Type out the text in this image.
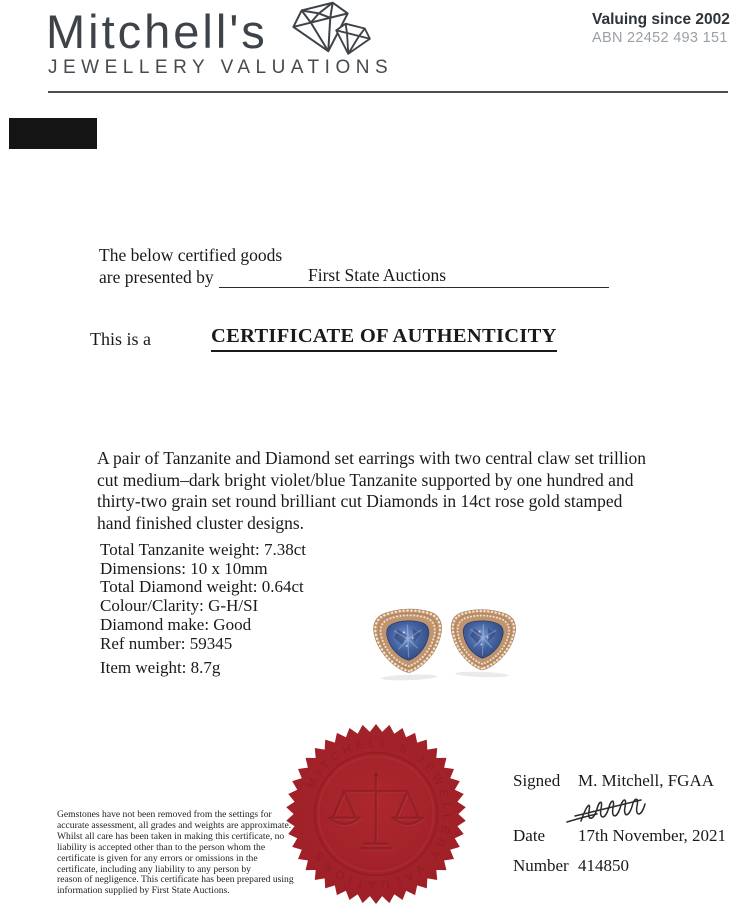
Mitchell's
JEWELLERY VALUATIONS
Valuing since 2002
ABN 22452 493 151
The below certified goods
are presented by	First State Auctions
This is a	CERTIFICATE OF AUTHENTICITY
A pair of Tanzanite and Diamond set earrings with two central claw set trillion
cut medium–dark bright violet/blue Tanzanite supported by one hundred and
thirty-two grain set round brilliant cut Diamonds in 14ct rose gold stamped
hand finished cluster designs.
Total Tanzanite weight: 7.38ct
Dimensions: 10 x 10mm
Total Diamond weight: 0.64ct
Colour/Clarity: G-H/SI
Diamond make: Good
Ref number: 59345
Item weight: 8.7g
MITCHELL'S JEWELLERY VALUATIONS
Gemstones have not been removed from the settings for
accurate assessment, all grades and weights are approximate.
Whilst all care has been taken in making this certificate, no
liability is accepted other than to the person whom the
certificate is given for any errors or omissions in the
certificate, including any liability to any person by
reason of negligence. This certificate has been prepared using
information supplied by First State Auctions.
Signed M. Mitchell, FGAA
Date 17th November, 2021
Number 414850
